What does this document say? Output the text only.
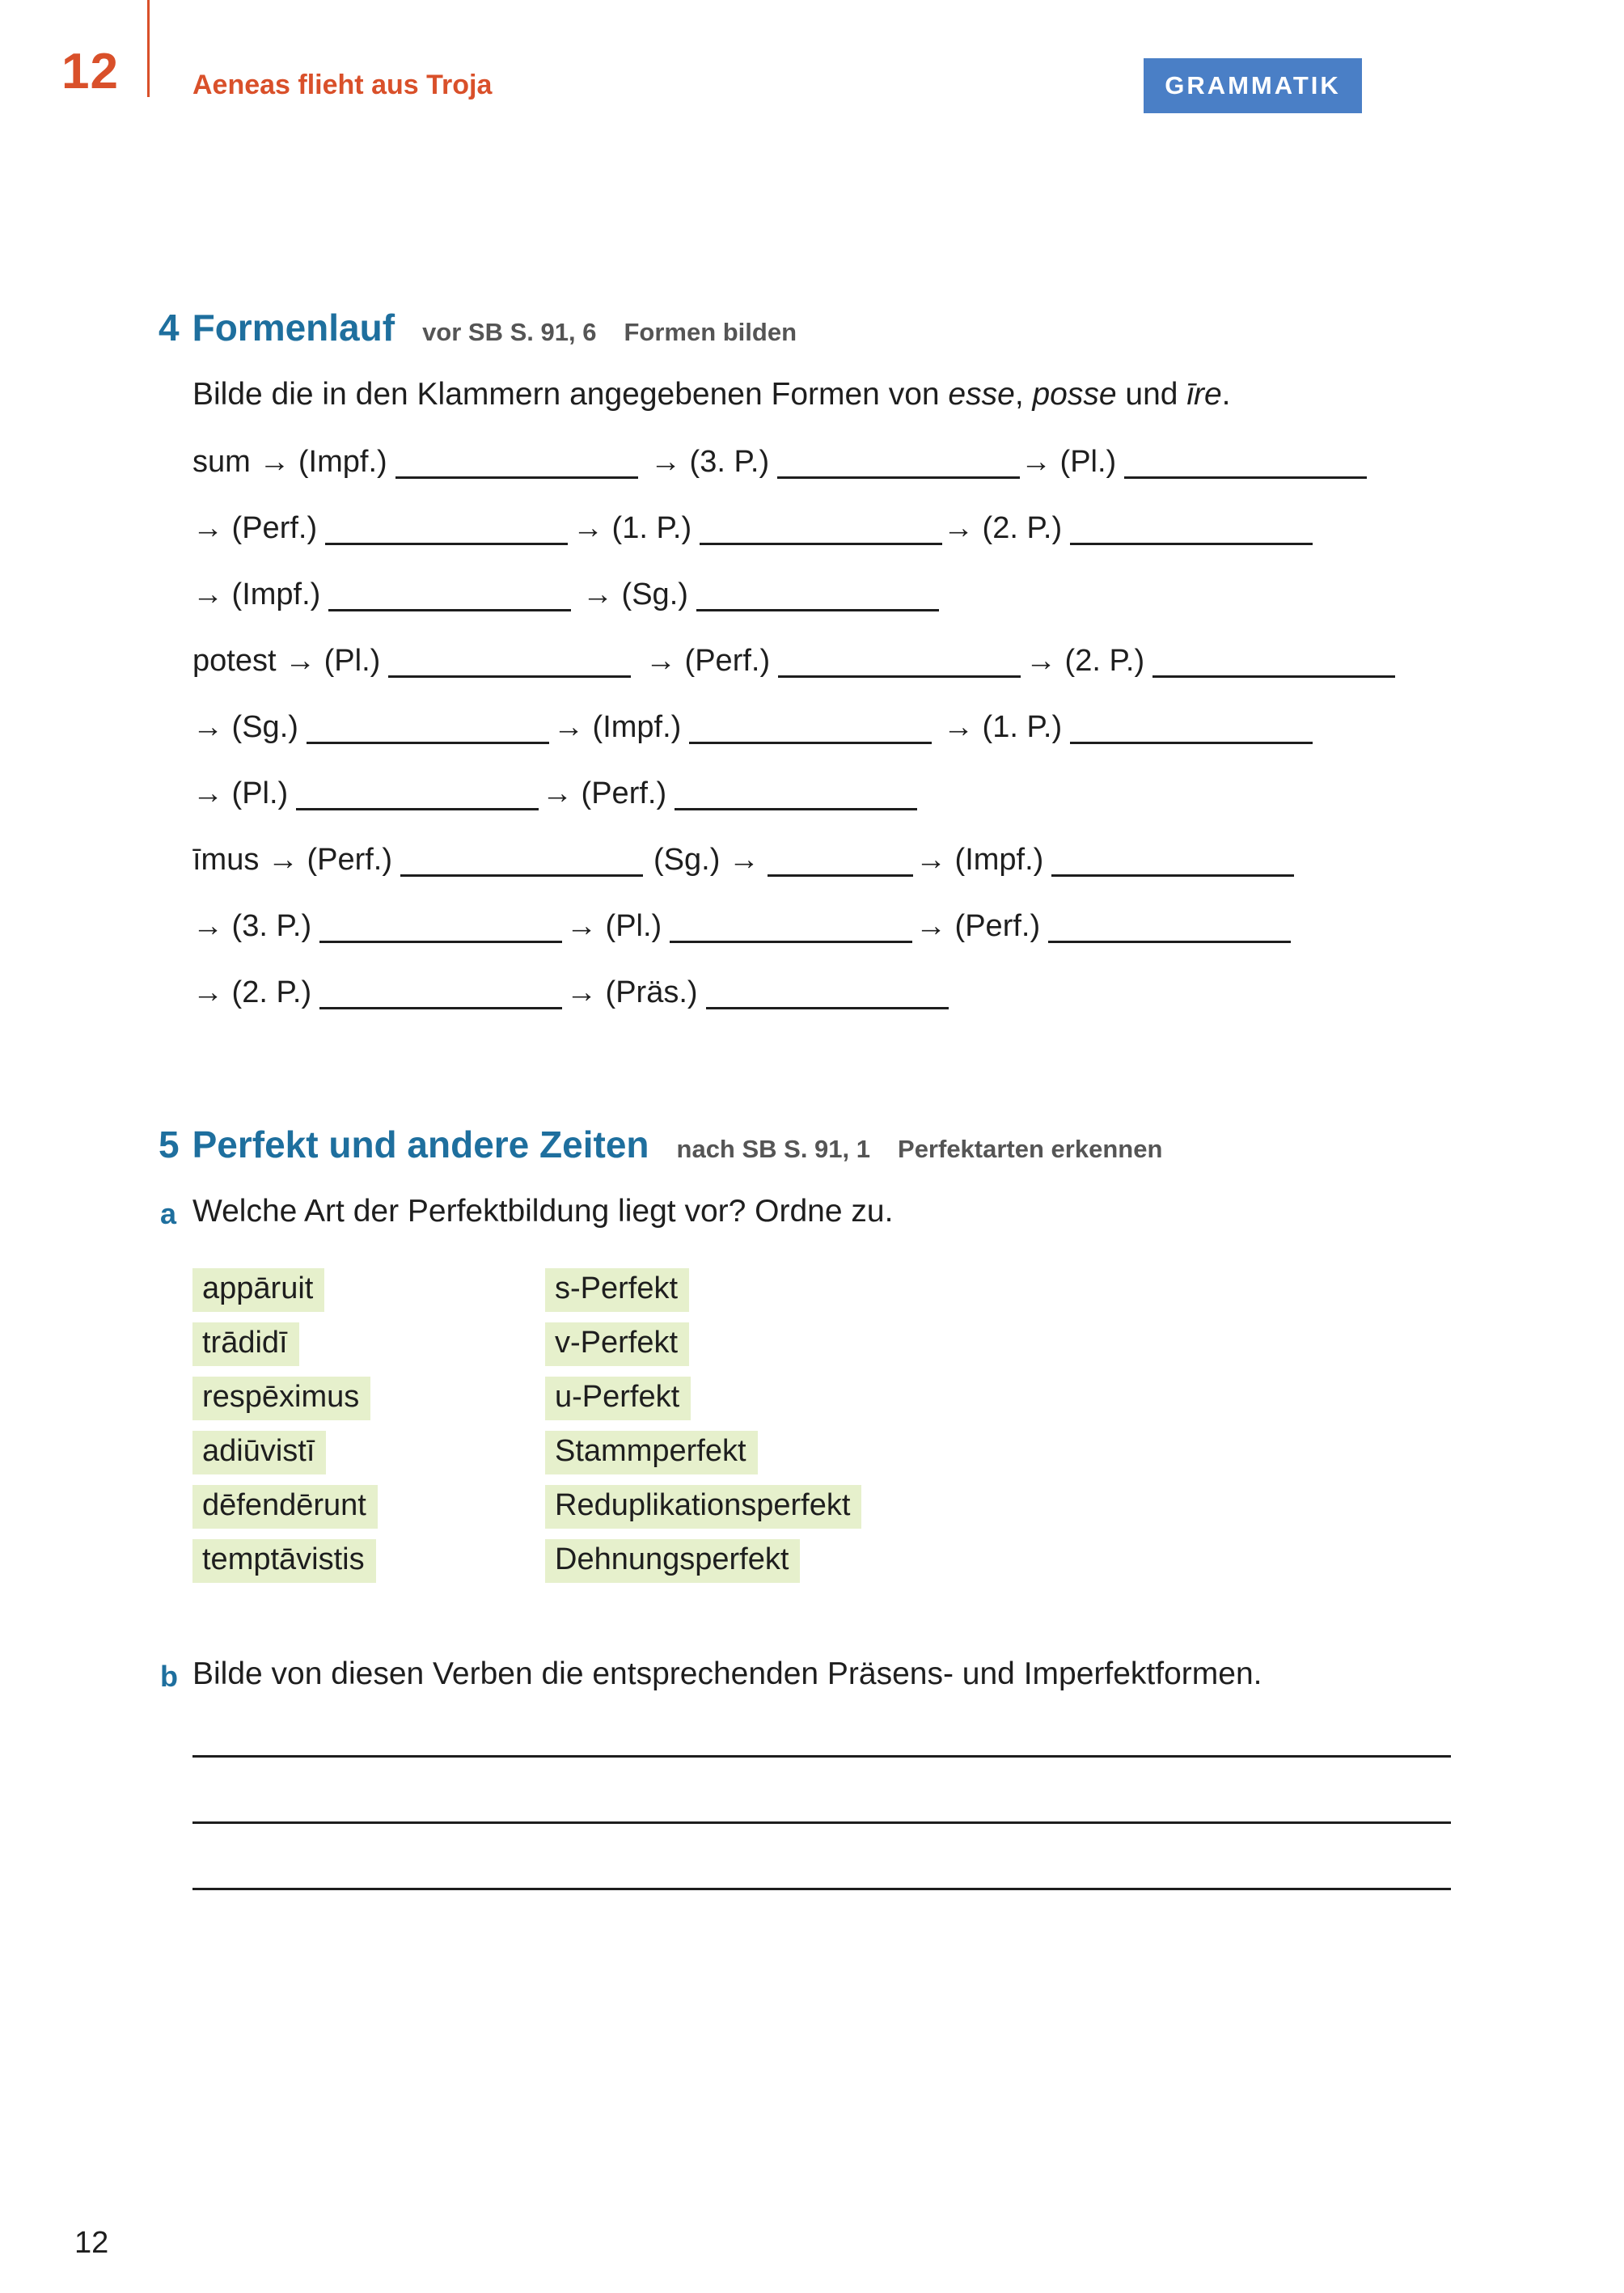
12	Aeneas flieht aus Troja	GRAMMATIK
4 Formenlauf vor SB S. 91, 6 Formen bilden
Bilde die in den Klammern angegebenen Formen von esse, posse und īre.
sum → (Impf.)	→ (3. P.)	→ (Pl.)
→ (Perf.)	→ (1. P.)	→ (2. P.)
→ (Impf.)	→ (Sg.)
potest → (Pl.)	→ (Perf.)	→ (2. P.)
→ (Sg.)	→ (Impf.)	→ (1. P.)
→ (Pl.)	→ (Perf.)
īmus → (Perf.)	(Sg.) →	→ (Impf.)
→ (3. P.)	→ (Pl.)	→ (Perf.)
→ (2. P.)	→ (Präs.)
5 Perfekt und andere Zeiten nach SB S. 91, 1 Perfektarten erkennen
a Welche Art der Perfektbildung liegt vor? Ordne zu.
appāruit
trādidī
respēximus
adiūvistī
dēfendērunt
temptāvistis
s-Perfekt
v-Perfekt
u-Perfekt
Stammperfekt
Reduplikationsperfekt
Dehnungsperfekt
b Bilde von diesen Verben die entsprechenden Präsens- und Imperfektformen.
12
